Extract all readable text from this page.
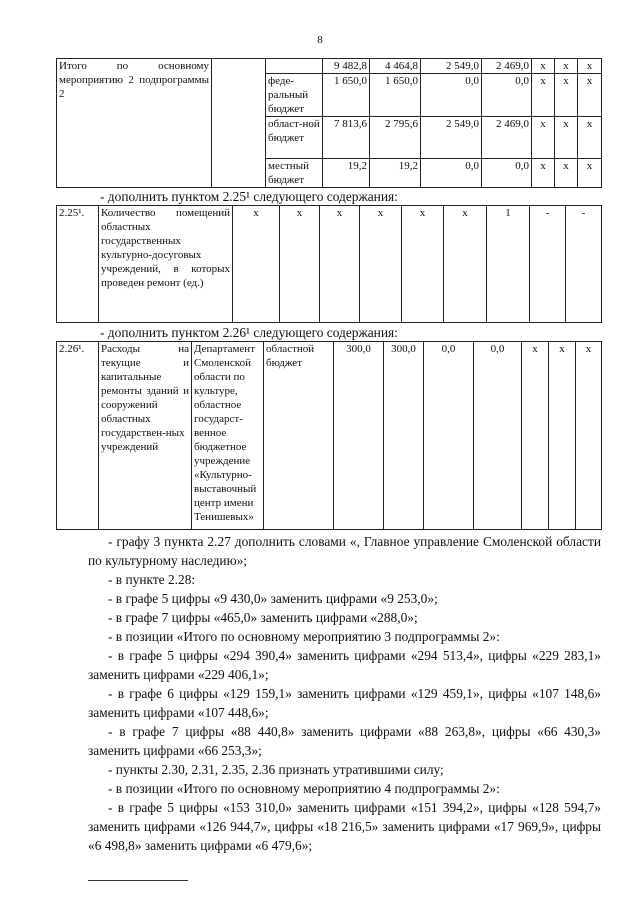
8
Итого по основному мероприятию 2 подпрограммы 2			9 482,8	4 464,8	2 549,0	2 469,0	x	x	x
		феде-ральный бюджет	1 650,0	1 650,0	0,0	0,0	x	x	x
		област-ной бюджет	7 813,6	2 795,6	2 549,0	2 469,0	x	x	x
		местный бюджет	19,2	19,2	0,0	0,0	x	x	x
- дополнить пунктом 2.25¹ следующего содержания:
2.25¹.	Количество помещений областных государственных культурно-досуговых учреждений, в которых проведен ремонт (ед.)	x	x	x	x	x	x	1	-	-
- дополнить пунктом 2.26¹ следующего содержания:
2.26¹.	Расходы на текущие и капитальные ремонты зданий и сооружений областных государствен-ных учреждений	Департамент Смоленской области по культуре, областное государст-венное бюджетное учреждение «Культурно-выставочный центр имени Тенишевых»	областной бюджет	300,0	300,0	0,0	0,0	x	x	x
- графу 3 пункта 2.27 дополнить словами «, Главное управление Смоленской области по культурному наследию»;
- в пункте 2.28:
- в графе 5 цифры «9 430,0» заменить цифрами «9 253,0»;
- в графе 7 цифры «465,0» заменить цифрами «288,0»;
- в позиции «Итого по основному мероприятию 3 подпрограммы 2»:
- в графе 5 цифры «294 390,4» заменить цифрами «294 513,4», цифры «229 283,1» заменить цифрами «229 406,1»;
- в графе 6 цифры «129 159,1» заменить цифрами «129 459,1», цифры «107 148,6» заменить цифрами «107 448,6»;
- в графе 7 цифры «88 440,8» заменить цифрами «88 263,8», цифры «66 430,3» заменить цифрами «66 253,3»;
- пункты 2.30, 2.31, 2.35, 2.36 признать утратившими силу;
- в позиции «Итого по основному мероприятию 4 подпрограммы 2»:
- в графе 5 цифры «153 310,0» заменить цифрами «151 394,2», цифры «128 594,7» заменить цифрами «126 944,7», цифры «18 216,5» заменить цифрами «17 969,9», цифры «6 498,8» заменить цифрами «6 479,6»;
